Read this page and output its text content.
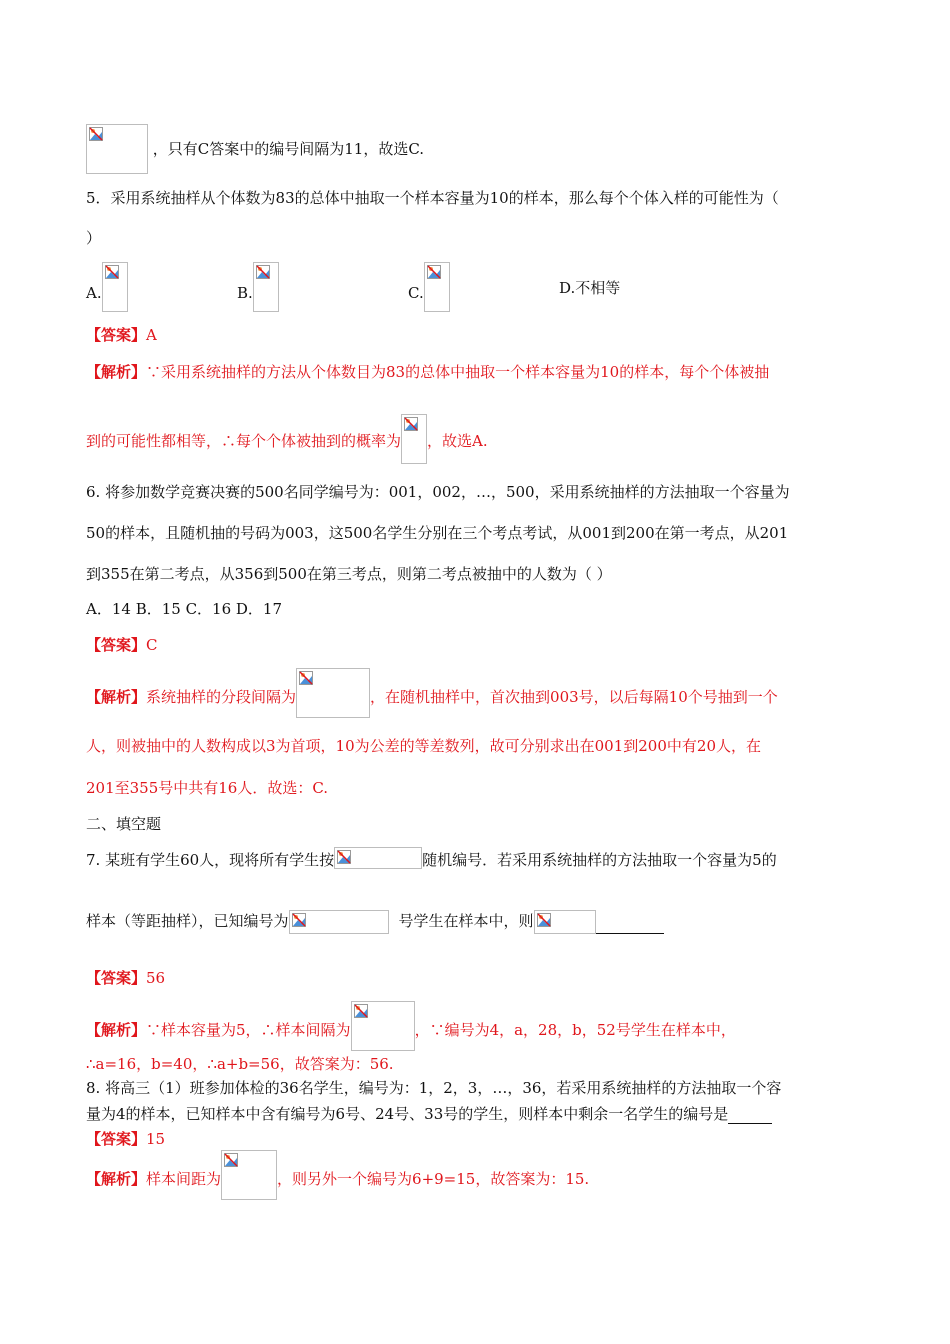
，只有C答案中的编号间隔为11，故选C.
5．采用系统抽样从个体数为83的总体中抽取一个样本容量为10的样本，那么每个个体入样的可能性为（
）
A.	B.	C.	D.不相等
【答案】A
【解析】∵采用系统抽样的方法从个体数目为83的总体中抽取一个样本容量为10的样本，每个个体被抽
到的可能性都相等，∴每个个体被抽到的概率为 ，故选A.
6. 将参加数学竞赛决赛的500名同学编号为：001，002，…，500，采用系统抽样的方法抽取一个容量为
50的样本，且随机抽的号码为003，这500名学生分别在三个考点考试，从001到200在第一考点，从201
到355在第二考点，从356到500在第三考点，则第二考点被抽中的人数为（ ）
A．14 B．15 C．16 D．17
【答案】C
【解析】系统抽样的分段间隔为	，在随机抽样中，首次抽到003号，以后每隔10个号抽到一个
人，则被抽中的人数构成以3为首项，10为公差的等差数列，故可分别求出在001到200中有20人，在
201至355号中共有16人．故选：C.
二、填空题
7. 某班有学生60人，现将所有学生按	随机编号．若采用系统抽样的方法抽取一个容量为5的
样本（等距抽样），已知编号为	号学生在样本中，则
【答案】56
【解析】∵样本容量为5，∴样本间隔为	，∵编号为4，a，28，b，52号学生在样本中，
∴a=16，b=40，∴a+b=56，故答案为：56.
8. 将高三（1）班参加体检的36名学生，编号为：1，2，3，…，36，若采用系统抽样的方法抽取一个容
量为4的样本，已知样本中含有编号为6号、24号、33号的学生，则样本中剩余一名学生的编号是
【答案】15
【解析】样本间距为	，则另外一个编号为6+9=15，故答案为：15.
